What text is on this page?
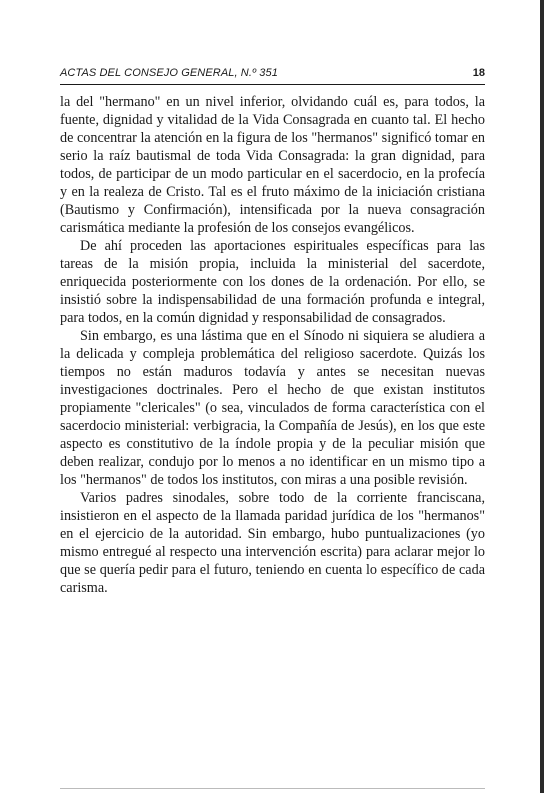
ACTAS DEL CONSEJO GENERAL, N.º 351	18

la del "hermano" en un nivel inferior, olvidando cuál es, para todos, la fuente, dignidad y vitalidad de la Vida Consagrada en cuanto tal. El hecho de concentrar la atención en la figura de los "hermanos" significó tomar en serio la raíz bautismal de toda Vida Consagrada: la gran dignidad, para todos, de participar de un modo particular en el sacerdocio, en la profecía y en la realeza de Cristo. Tal es el fruto máximo de la iniciación cristiana (Bautismo y Confirmación), intensificada por la nueva consagración carismática mediante la profesión de los consejos evangélicos.

De ahí proceden las aportaciones espirituales específicas para las tareas de la misión propia, incluida la ministerial del sacerdote, enriquecida posteriormente con los dones de la ordenación. Por ello, se insistió sobre la indispensabilidad de una formación profunda e integral, para todos, en la común dignidad y responsabilidad de consagrados.

Sin embargo, es una lástima que en el Sínodo ni siquiera se aludiera a la delicada y compleja problemática del religioso sacerdote. Quizás los tiempos no están maduros todavía y antes se necesitan nuevas investigaciones doctrinales. Pero el hecho de que existan institutos propiamente "clericales" (o sea, vinculados de forma característica con el sacerdocio ministerial: verbigracia, la Compañía de Jesús), en los que este aspecto es constitutivo de la índole propia y de la peculiar misión que deben realizar, condujo por lo menos a no identificar en un mismo tipo a los "hermanos" de todos los institutos, con miras a una posible revisión.

Varios padres sinodales, sobre todo de la corriente franciscana, insistieron en el aspecto de la llamada paridad jurídica de los "hermanos" en el ejercicio de la autoridad. Sin embargo, hubo puntualizaciones (yo mismo entregué al respecto una intervención escrita) para aclarar mejor lo que se quería pedir para el futuro, teniendo en cuenta lo específico de cada carisma.
